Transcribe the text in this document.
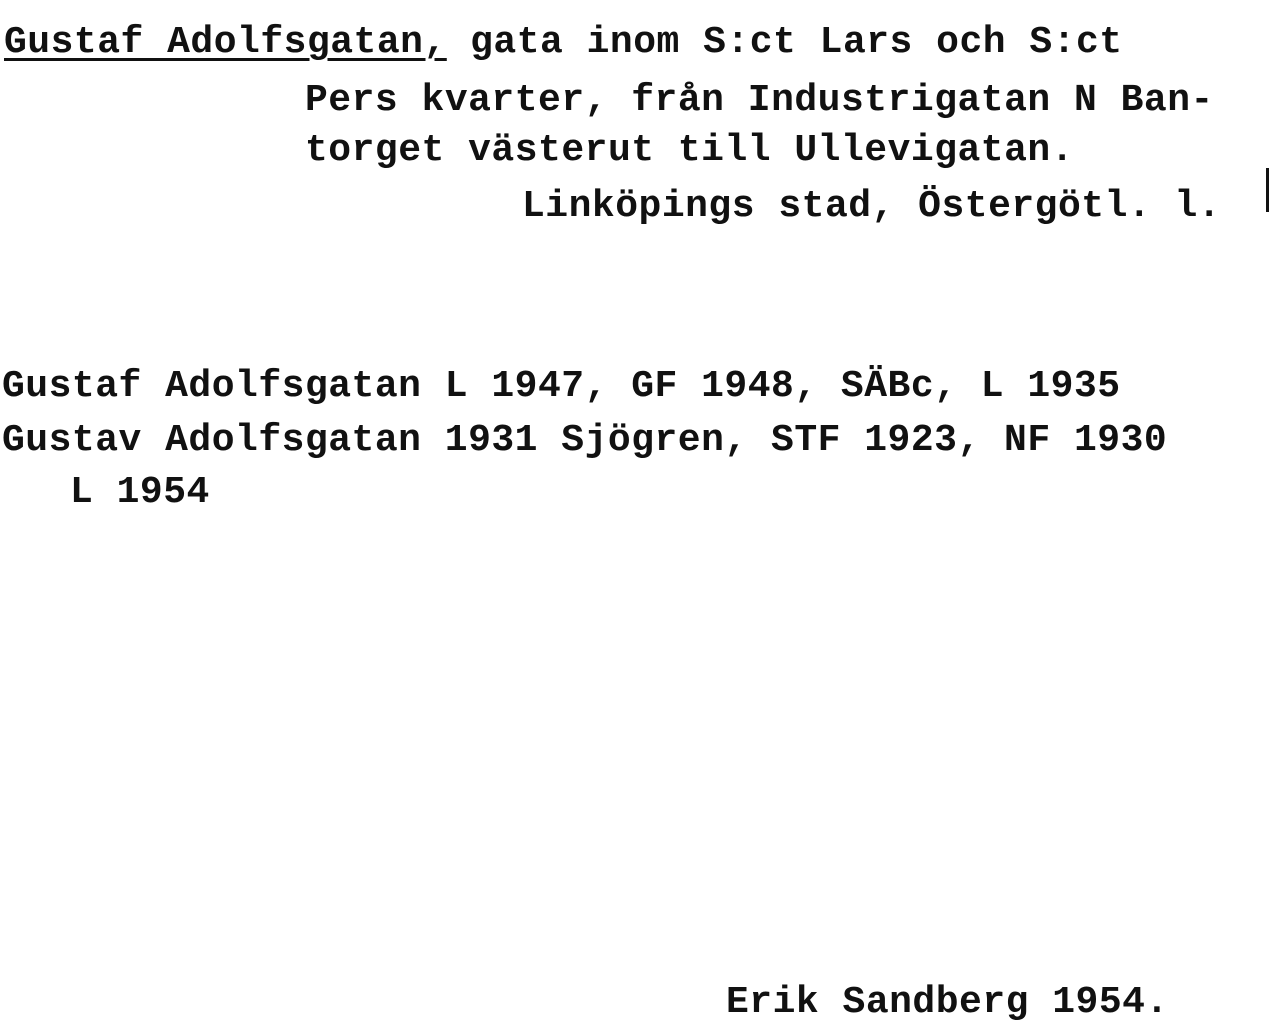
Gustaf Adolfsgatan, gata inom S:ct Lars och S:ct
Pers kvarter, från Industrigatan N Ban-
torget västerut till Ullevigatan.
Linköpings stad, Östergötl. l.
Gustaf Adolfsgatan L 1947, GF 1948, SÄBc, L 1935
Gustav Adolfsgatan 1931 Sjögren, STF 1923, NF 1930
L 1954
Erik Sandberg 1954.
